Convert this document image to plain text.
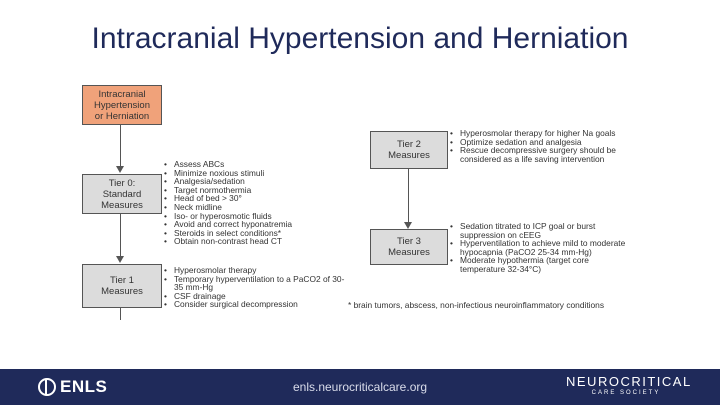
Intracranial Hypertension and Herniation
Intracranial
Hypertension
or Herniation
Tier 0:
Standard
Measures
Tier 1
Measures
• Assess ABCs
• Minimize noxious stimuli
• Analgesia/sedation
• Target normothermia
• Head of bed > 30°
• Neck midline
• Iso- or hyperosmotic fluids
• Avoid and correct hyponatremia
• Steroids in select conditions*
• Obtain non-contrast head CT
• Hyperosmolar therapy
• Temporary hyperventilation to a PaCO2 of 30-35 mm-Hg
• CSF drainage
• Consider surgical decompression
Tier 2
Measures
Tier 3
Measures
• Hyperosmolar therapy for higher Na goals
• Optimize sedation and analgesia
• Rescue decompressive surgery should be considered as a life saving intervention
• Sedation titrated to ICP goal or burst suppression on cEEG
• Hyperventilation to achieve mild to moderate hypocapnia (PaCO2 25-34 mm-Hg)
• Moderate hypothermia (target core temperature 32-34°C)
* brain tumors, abscess, non-infectious neuroinflammatory conditions
ENLS	enls.neurocriticalcare.org	NEUROCRITICAL
CARE SOCIETY
